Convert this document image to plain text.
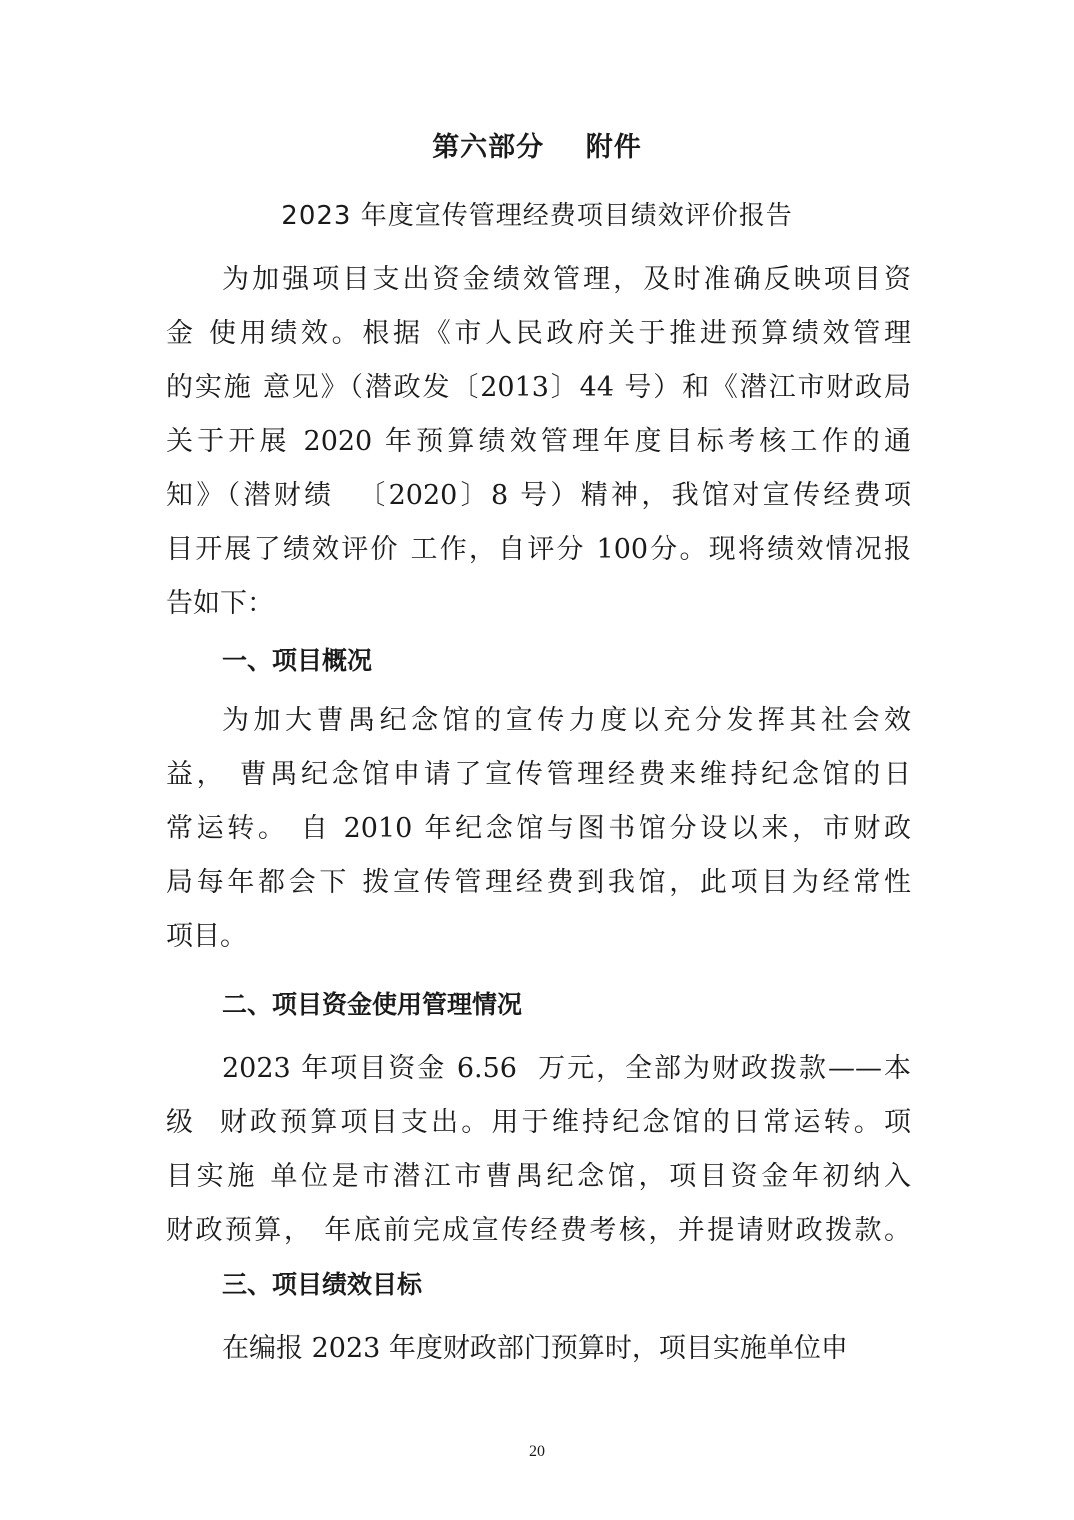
第六部分    附件
2023 年度宣传管理经费项目绩效评价报告
为加强项目支出资金绩效管理，及时准确反映项目资
金 使用绩效。根据《市人民政府关于推进预算绩效管理
的实施 意见》（潜政发〔2013〕44 号）和《潜江市财政局
关于开展 2020 年预算绩效管理年度目标考核工作的通
知》（潜财绩  〔2020〕8 号）精神，我馆对宣传经费项
目开展了绩效评价 工作，自评分 100分。现将绩效情况报
告如下：
一、项目概况
为加大曹禺纪念馆的宣传力度以充分发挥其社会效
益， 曹禺纪念馆申请了宣传管理经费来维持纪念馆的日
常运转。 自 2010 年纪念馆与图书馆分设以来，市财政
局每年都会下 拨宣传管理经费到我馆，此项目为经常性
项目。
二、项目资金使用管理情况
2023 年项目资金 6.56  万元，全部为财政拨款——本
级  财政预算项目支出。用于维持纪念馆的日常运转。项
目实施 单位是市潜江市曹禺纪念馆，项目资金年初纳入
财政预算， 年底前完成宣传经费考核，并提请财政拨款。
三、项目绩效目标
在编报 2023 年度财政部门预算时，项目实施单位申
20
